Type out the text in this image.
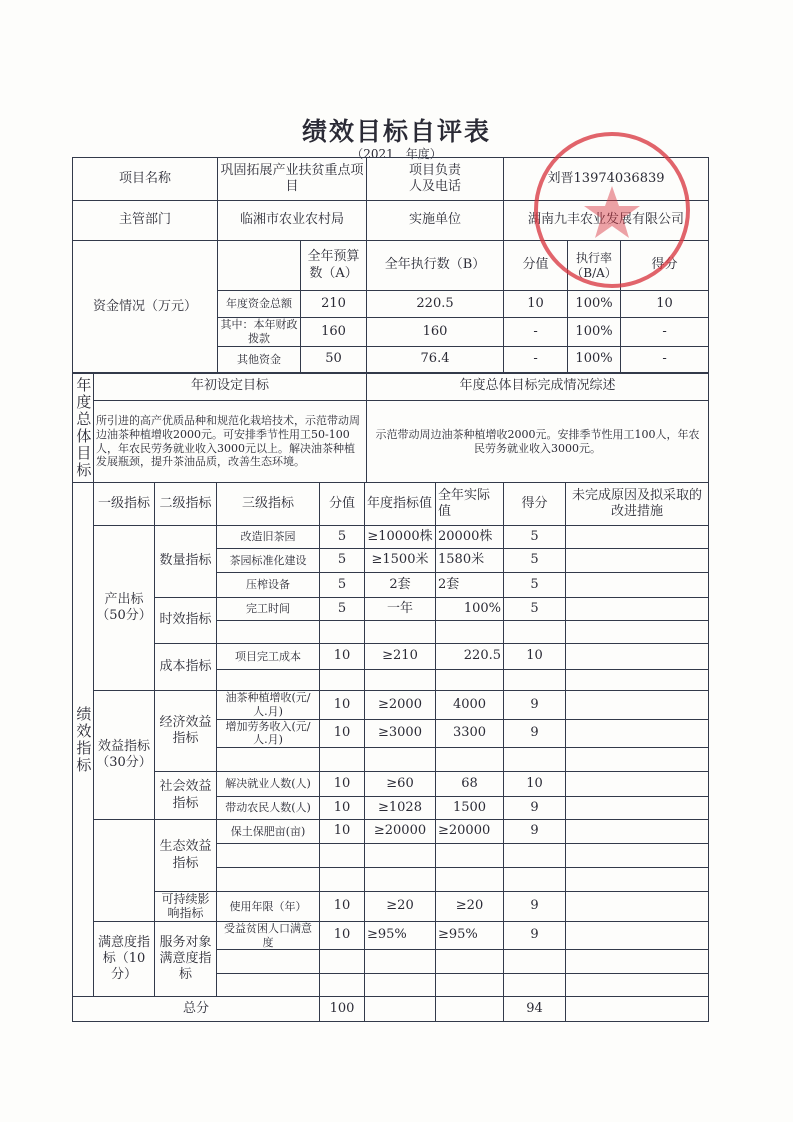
绩效目标自评表
（2021　年度）
项目名称	巩固拓展产业扶贫重点项目		项目负责人及电话	刘晋13974036839		
主管部门	临湘市农业农村局		实施单位	湖南九丰农业发展有限公司		
资金情况（万元）		全年预算数（A）	全年执行数（B）	分值	执行率（B/A）	得分
	年度资金总额	210	220.5	10	100%	10
	其中：本年财政拨款	160	160	-	100%	-
	其他资金	50	76.4	-	100%	-
年度总体目标	年初设定目标	年度总体目标完成情况综述
	所引进的高产优质品种和规范化栽培技术，示范带动周边油茶种植增收2000元。可安排季节性用工50-100人，年农民劳务就业收入3000元以上。解决油茶种植发展瓶颈，提升茶油品质，改善生态环境。	示范带动周边油茶种植增收2000元。安排季节性用工100人，年农民劳务就业收入3000元。
绩效指标	一级指标	二级指标	三级指标	分值	年度指标值	全年实际值	得分	未完成原因及拟采取的改进措施
	产出标（50分）	数量指标	改造旧茶园	5	≥10000株	20000株	5	
			茶园标准化建设	5	≥1500米	1580米	5	
			压榨设备	5	2套	2套	5	
		时效指标	完工时间	5	一年	100%	5	

		成本指标	项目完工成本	10	≥210	220.5	10	

	效益指标（30分）	经济效益指标	油茶种植增收(元/人.月)	10	≥2000	4000	9	
			增加劳务收入(元/人.月)	10	≥3000	3300	9	

		社会效益指标	解决就业人数(人)	10	≥60	68	10	
			带动农民人数(人)	10	≥1028	1500	9	
		生态效益指标	保土保肥亩(亩)	10	≥20000	≥20000	9	

		可持续影响指标	使用年限（年）	10	≥20	≥20	9	
	满意度指标（10分）	服务对象满意度指标	受益贫困人口满意度	10	≥95%	≥95%	9	

总分				100			94	
